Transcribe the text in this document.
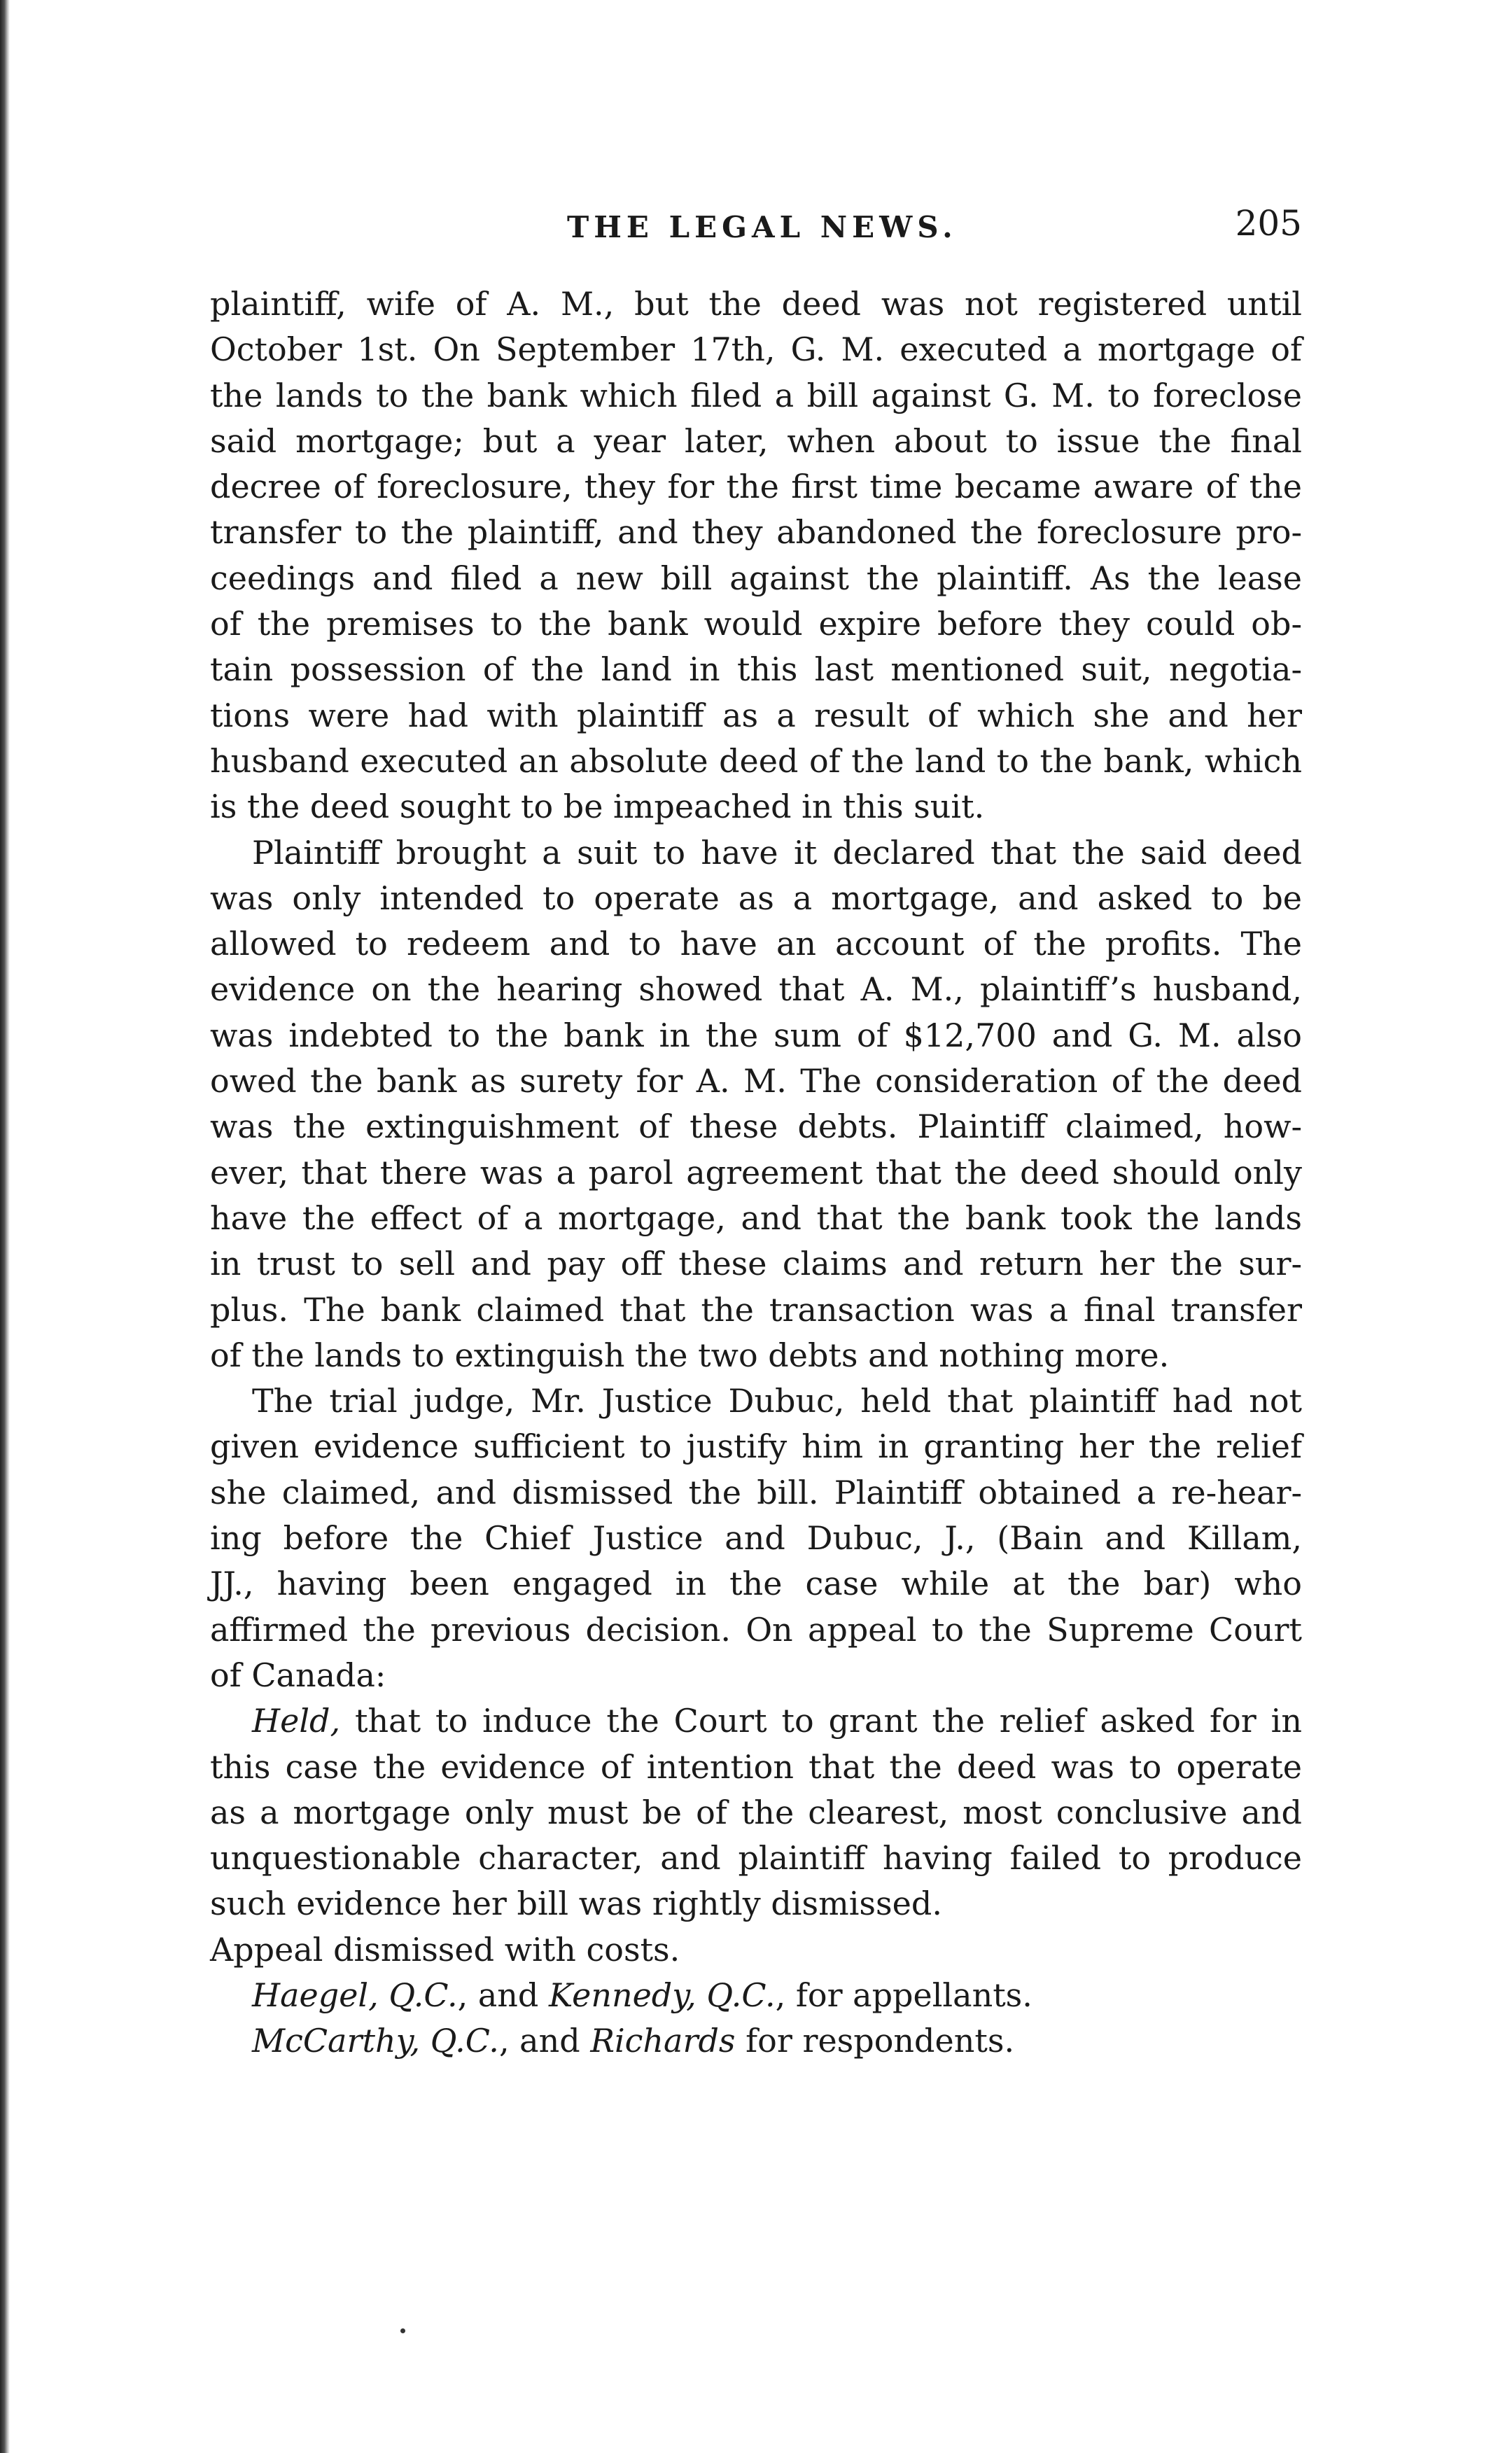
THE LEGAL NEWS.	205
plaintiff, wife of A. M., but the deed was not registered until
October 1st. On September 17th, G. M. executed a mortgage of
the lands to the bank which filed a bill against G. M. to foreclose
said mortgage; but a year later, when about to issue the final
decree of foreclosure, they for the first time became aware of the
transfer to the plaintiff, and they abandoned the foreclosure pro-
ceedings and filed a new bill against the plaintiff. As the lease
of the premises to the bank would expire before they could ob-
tain possession of the land in this last mentioned suit, negotia-
tions were had with plaintiff as a result of which she and her
husband executed an absolute deed of the land to the bank, which
is the deed sought to be impeached in this suit.
Plaintiff brought a suit to have it declared that the said deed
was only intended to operate as a mortgage, and asked to be
allowed to redeem and to have an account of the profits. The
evidence on the hearing showed that A. M., plaintiff’s husband,
was indebted to the bank in the sum of $12,700 and G. M. also
owed the bank as surety for A. M. The consideration of the deed
was the extinguishment of these debts. Plaintiff claimed, how-
ever, that there was a parol agreement that the deed should only
have the effect of a mortgage, and that the bank took the lands
in trust to sell and pay off these claims and return her the sur-
plus. The bank claimed that the transaction was a final transfer
of the lands to extinguish the two debts and nothing more.
The trial judge, Mr. Justice Dubuc, held that plaintiff had not
given evidence sufficient to justify him in granting her the relief
she claimed, and dismissed the bill. Plaintiff obtained a re-hear-
ing before the Chief Justice and Dubuc, J., (Bain and Killam,
JJ., having been engaged in the case while at the bar) who
affirmed the previous decision. On appeal to the Supreme Court
of Canada:
Held, that to induce the Court to grant the relief asked for in
this case the evidence of intention that the deed was to operate
as a mortgage only must be of the clearest, most conclusive and
unquestionable character, and plaintiff having failed to produce
such evidence her bill was rightly dismissed.
Appeal dismissed with costs.
Haegel, Q.C., and Kennedy, Q.C., for appellants.
McCarthy, Q.C., and Richards for respondents.
